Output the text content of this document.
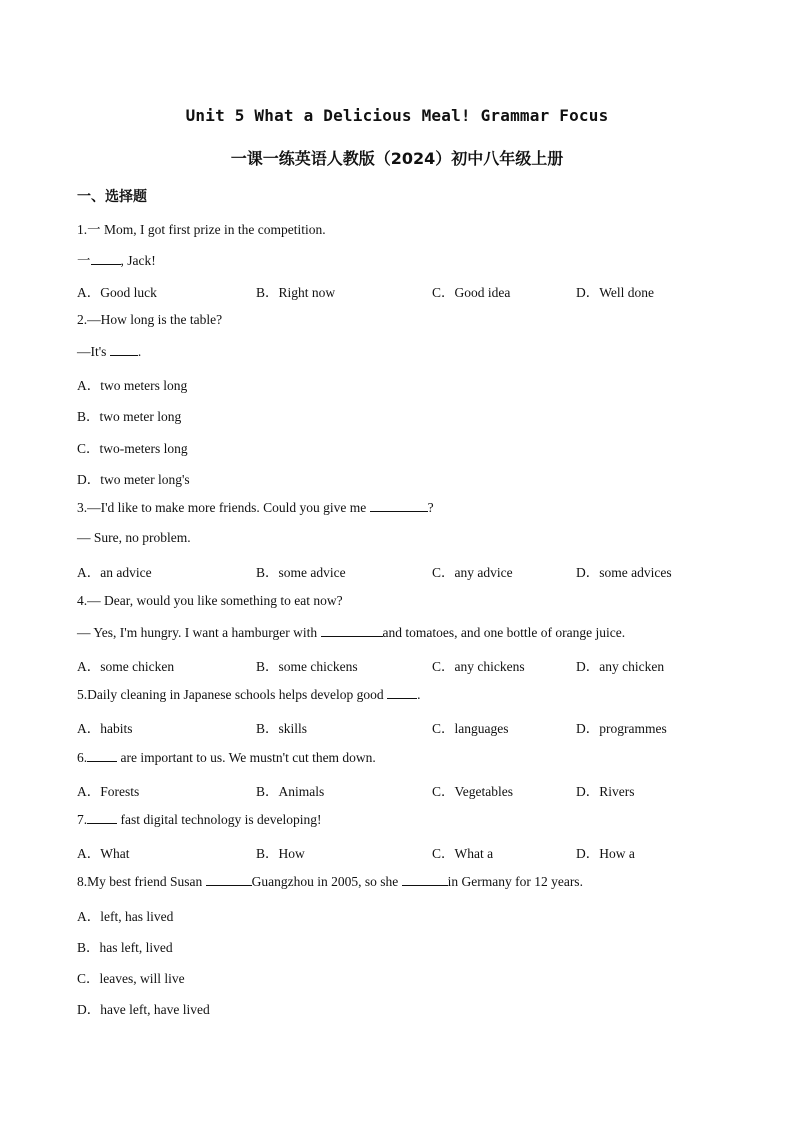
Unit 5 What a Delicious Meal! Grammar Focus
一课一练英语人教版（2024）初中八年级上册
一、选择题
1.一 Mom, I got first prize in the competition.
一 , Jack!
A．Good luck	B．Right now	C．Good idea	D．Well done
2.—How long is the table?
—It's .
A．two meters long
B．two meter long
C．two-meters long
D．two meter long's
3.—I'd like to make more friends. Could you give me	?
— Sure, no problem.
A．an advice	B．some advice	C．any advice	D．some advices
4.— Dear, would you like something to eat now?
— Yes, I'm hungry. I want a hamburger with	and tomatoes, and one bottle of orange juice.
A．some chicken	B．some chickens	C．any chickens	D．any chicken
5.Daily cleaning in Japanese schools helps develop good .
A．habits	B．skills	C．languages	D．programmes
6. are important to us. We mustn't cut them down.
A．Forests	B．Animals	C．Vegetables	D．Rivers
7. fast digital technology is developing!
A．What	B．How	C．What a	D．How a
8.My best friend Susan	Guangzhou in 2005, so she	in Germany for 12 years.
A．left, has lived
B．has left, lived
C．leaves, will live
D．have left, have lived
